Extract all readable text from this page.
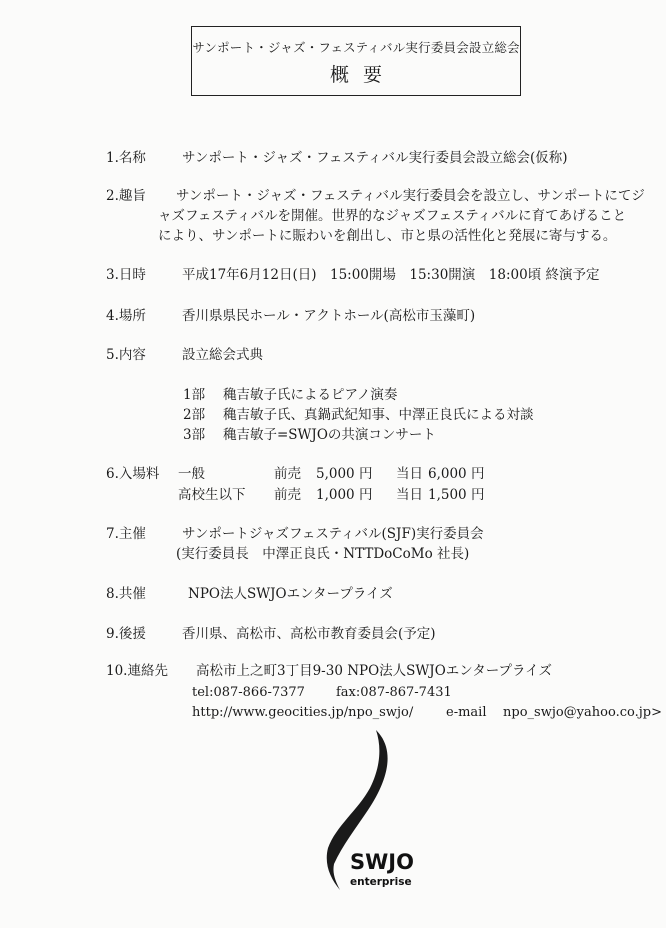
サンポート・ジャズ・フェスティバル実行委員会設立総会
概要
1.名称	サンポート・ジャズ・フェスティバル実行委員会設立総会(仮称)
2.趣旨 サンポート・ジャズ・フェスティバル実行委員会を設立し、サンポートにてジ
ャズフェスティバルを開催。世界的なジャズフェスティバルに育てあげること
により、サンポートに賑わいを創出し、市と県の活性化と発展に寄与する。
3.日時	平成17年6月12日(日)　15:00開場　15:30開演　18:00頃 終演予定
4.場所	香川県県民ホール・アクトホール(高松市玉藻町)
5.内容	設立総会式典
1部 穐吉敏子氏によるピアノ演奏
2部 穐吉敏子氏、真鍋武紀知事、中澤正良氏による対談
3部 穐吉敏子=SWJOの共演コンサート
6.入場料 一般	前売 5,000 円 当日 6,000 円
高校生以下 前売 1,000 円 当日 1,500 円
7.主催	サンポートジャズフェスティバル(SJF)実行委員会
(実行委員長　中澤正良氏・NTTDoCoMo 社長)
8.共催	NPO法人SWJOエンタープライズ
9.後援	香川県、高松市、高松市教育委員会(予定)
10.連絡先 高松市上之町3丁目9-30 NPO法人SWJOエンタープライズ
tel:087-866-7377 fax:087-867-7431
http://www.geocities.jp/npo_swjo/	e-mail npo_swjo@yahoo.co.jp>
SWJO
enterprise
